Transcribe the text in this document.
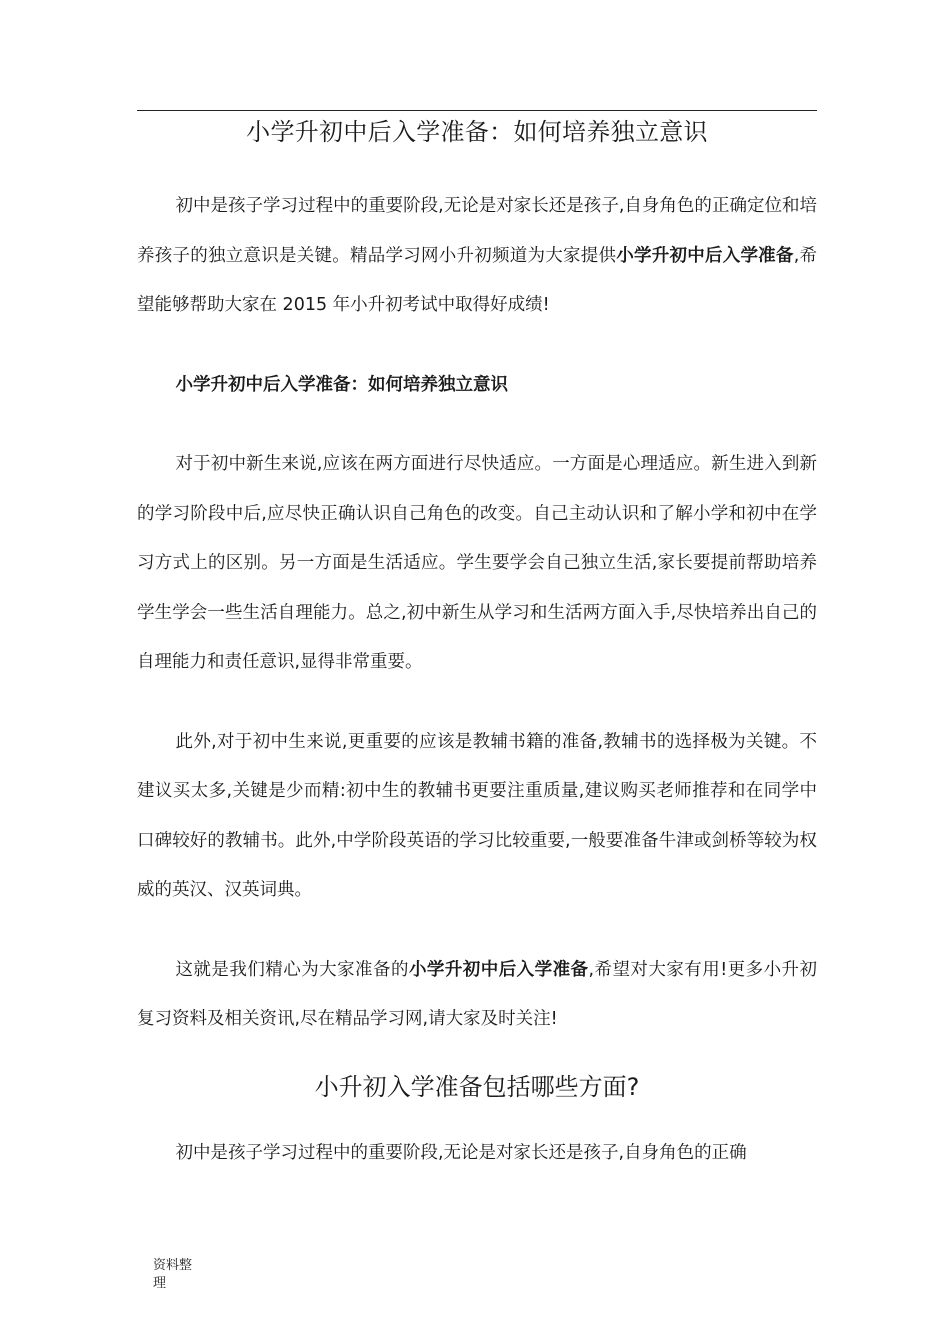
小学升初中后入学准备：如何培养独立意识

初中是孩子学习过程中的重要阶段,无论是对家长还是孩子,自身角色的正确定位和培养孩子的独立意识是关键。精品学习网小升初频道为大家提供小学升初中后入学准备,希望能够帮助大家在 2015 年小升初考试中取得好成绩!

小学升初中后入学准备：如何培养独立意识

对于初中新生来说,应该在两方面进行尽快适应。一方面是心理适应。新生进入到新的学习阶段中后,应尽快正确认识自己角色的改变。自己主动认识和了解小学和初中在学习方式上的区别。另一方面是生活适应。学生要学会自己独立生活,家长要提前帮助培养学生学会一些生活自理能力。总之,初中新生从学习和生活两方面入手,尽快培养出自己的自理能力和责任意识,显得非常重要。

此外,对于初中生来说,更重要的应该是教辅书籍的准备,教辅书的选择极为关键。不建议买太多,关键是少而精:初中生的教辅书更要注重质量,建议购买老师推荐和在同学中口碑较好的教辅书。此外,中学阶段英语的学习比较重要,一般要准备牛津或剑桥等较为权威的英汉、汉英词典。

这就是我们精心为大家准备的小学升初中后入学准备,希望对大家有用!更多小升初复习资料及相关资讯,尽在精品学习网,请大家及时关注!

小升初入学准备包括哪些方面?

初中是孩子学习过程中的重要阶段,无论是对家长还是孩子,自身角色的正确

资料整理
